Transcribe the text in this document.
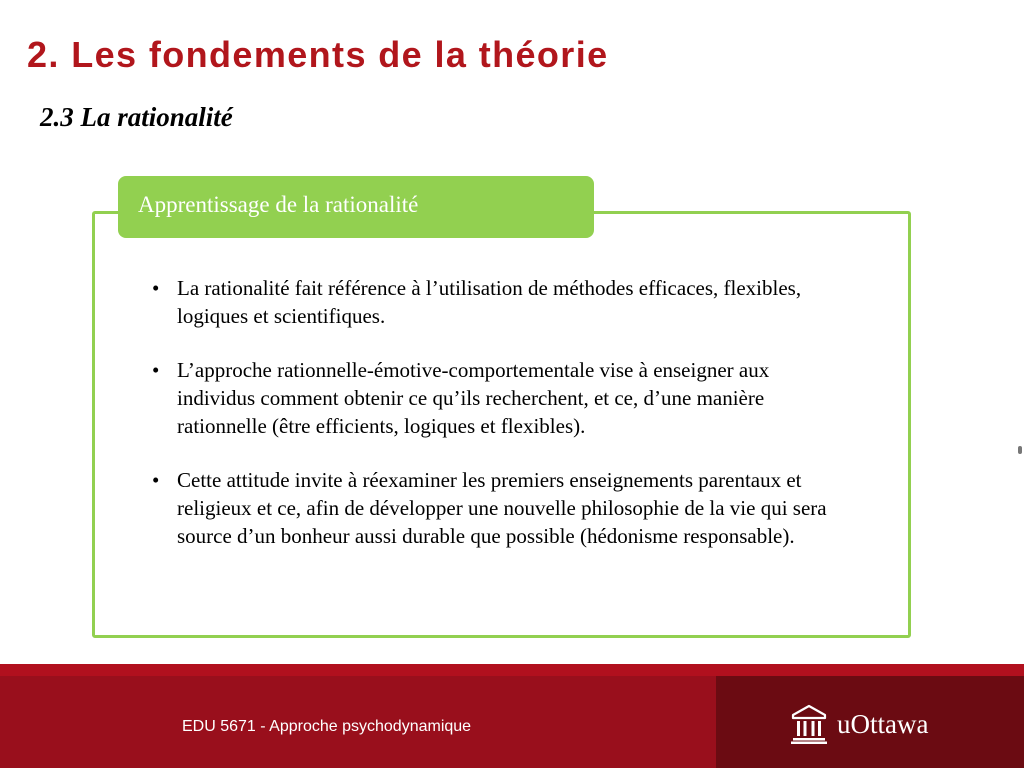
2. Les fondements de la théorie
2.3 La rationalité
Apprentissage de la rationalité
• La rationalité fait référence à l’utilisation de méthodes efficaces, flexibles, logiques et scientifiques.
• L’approche rationnelle-émotive-comportementale vise à enseigner aux individus comment obtenir ce qu’ils recherchent, et ce, d’une manière rationnelle (être efficients, logiques et flexibles).
• Cette attitude invite à réexaminer les premiers enseignements parentaux et religieux et ce, afin de développer une nouvelle philosophie de la vie qui sera source d’un bonheur aussi durable que possible (hédonisme responsable).
EDU 5671 - Approche psychodynamique	uOttawa
